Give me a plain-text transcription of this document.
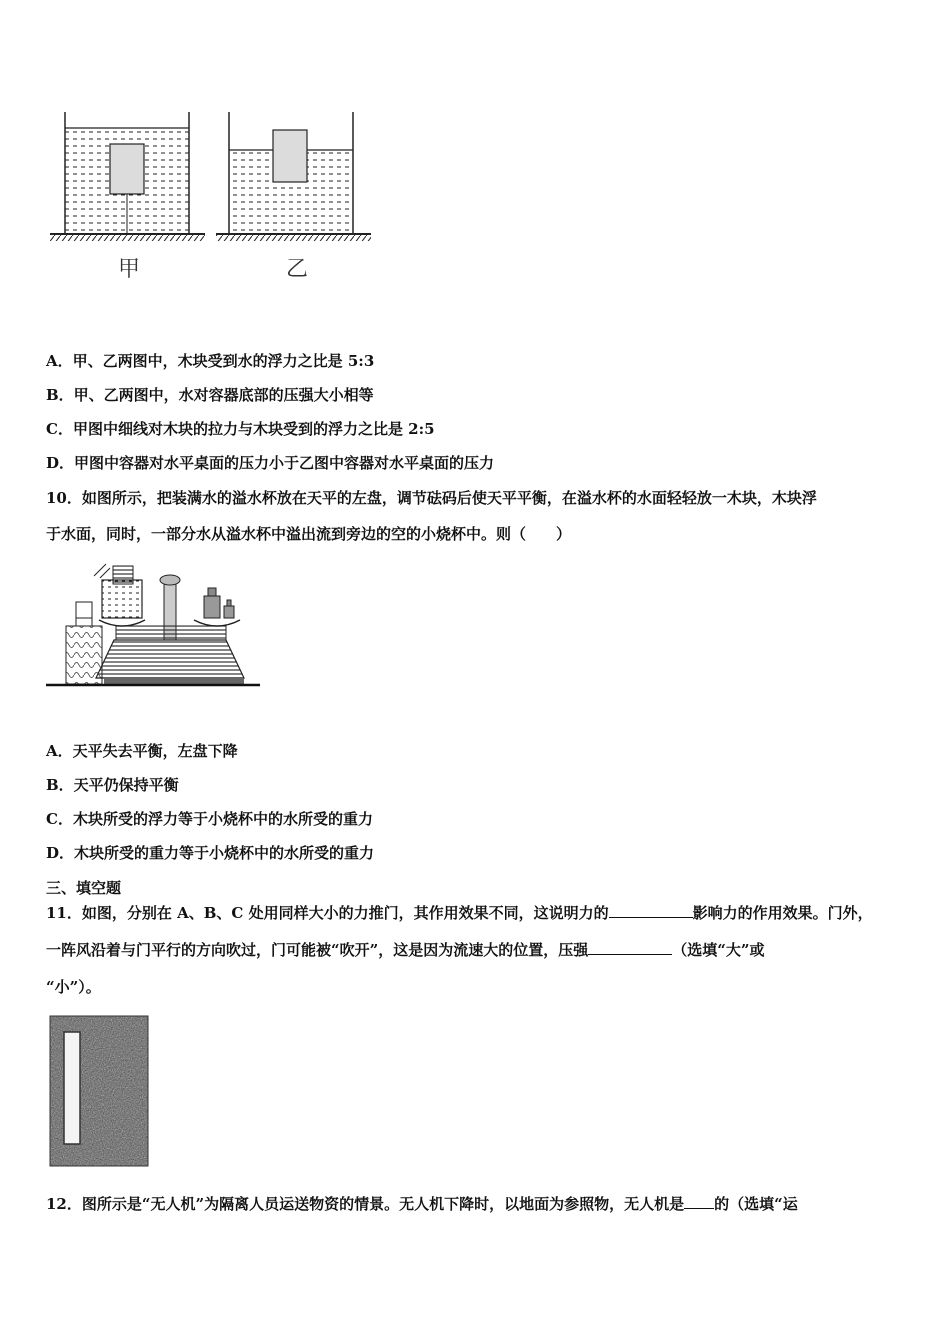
甲	乙
A．甲、乙两图中，木块受到水的浮力之比是 5:3
B．甲、乙两图中，水对容器底部的压强大小相等
C．甲图中细线对木块的拉力与木块受到的浮力之比是 2:5
D．甲图中容器对水平桌面的压力小于乙图中容器对水平桌面的压力
10．如图所示，把装满水的溢水杯放在天平的左盘，调节砝码后使天平平衡，在溢水杯的水面轻轻放一木块，木块浮
于水面，同时，一部分水从溢水杯中溢出流到旁边的空的小烧杯中。则（　　）
A．天平失去平衡，左盘下降
B．天平仍保持平衡
C．木块所受的浮力等于小烧杯中的水所受的重力
D．木块所受的重力等于小烧杯中的水所受的重力
三、填空题
11．如图，分别在 A、B、C 处用同样大小的力推门，其作用效果不同，这说明力的	影响力的作用效果。门外，
一阵风沿着与门平行的方向吹过，门可能被“吹开”，这是因为流速大的位置，压强	（选填“大”或
“小”）。
12．图所示是“无人机”为隔离人员运送物资的情景。无人机下降时，以地面为参照物，无人机是 的（选填“运
